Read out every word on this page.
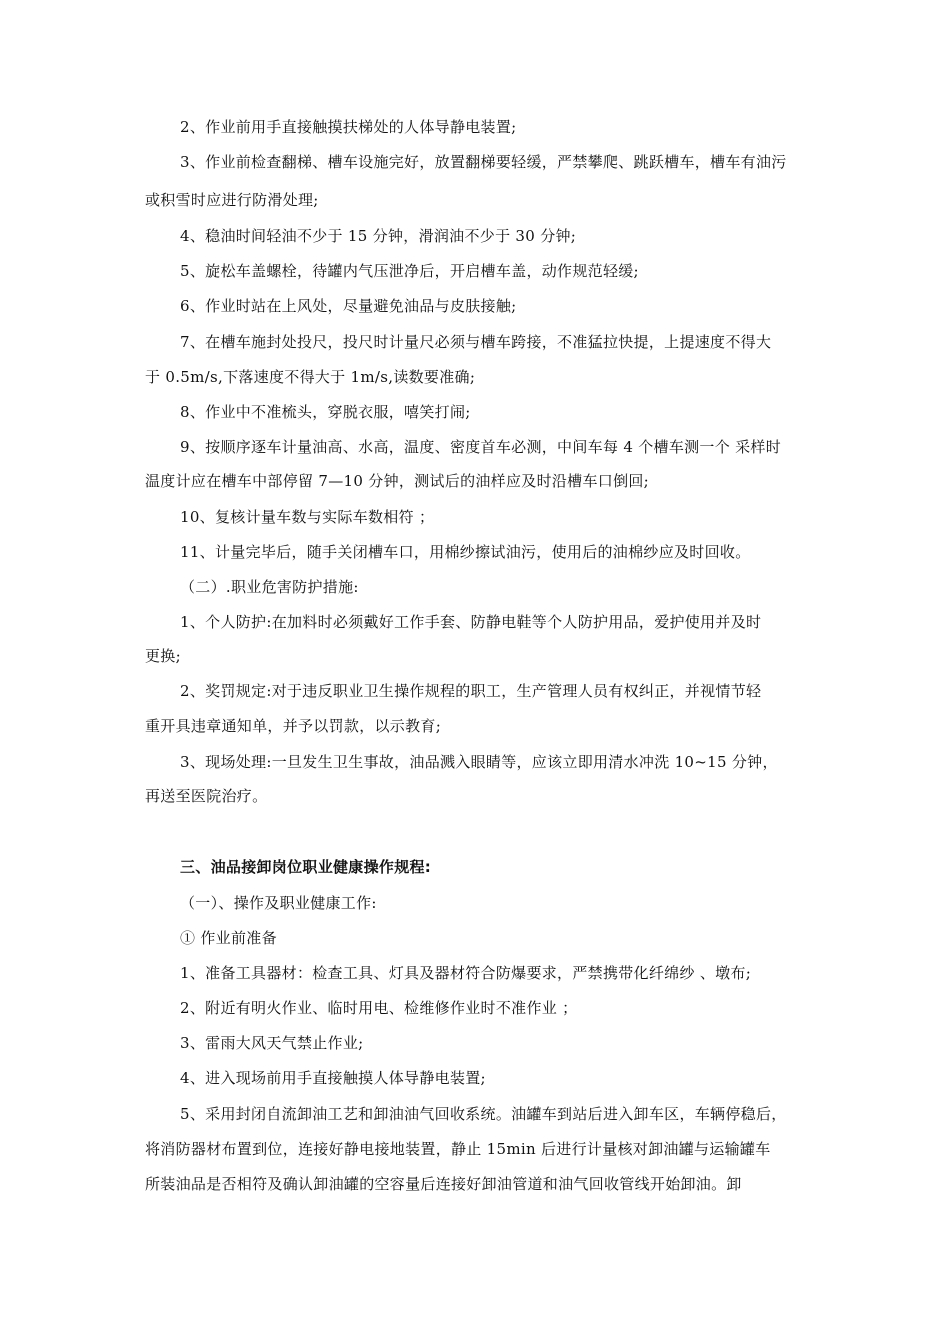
2、作业前用手直接触摸扶梯处的人体导静电装置;
3、作业前检查翻梯、槽车设施完好，放置翻梯要轻缓，严禁攀爬、跳跃槽车，槽车有油污
或积雪时应进行防滑处理;
4、稳油时间轻油不少于 15 分钟，滑润油不少于 30 分钟;
5、旋松车盖螺栓，待罐内气压泄净后，开启槽车盖，动作规范轻缓;
6、作业时站在上风处，尽量避免油品与皮肤接触;
7、在槽车施封处投尺，投尺时计量尺必须与槽车跨接，不准猛拉快提，上提速度不得大
于 0.5m/s,下落速度不得大于 1m/s,读数要准确;
8、作业中不准梳头，穿脱衣服，嘻笑打闹;
9、按顺序逐车计量油高、水高，温度、密度首车必测，中间车每 4 个槽车测一个 采样时
温度计应在槽车中部停留 7—10 分钟，测试后的油样应及时沿槽车口倒回;
10、复核计量车数与实际车数相符 ；
11、计量完毕后，随手关闭槽车口，用棉纱擦试油污，使用后的油棉纱应及时回收。
（二）.职业危害防护措施:
1、个人防护:在加料时必须戴好工作手套、防静电鞋等个人防护用品，爱护使用并及时
更换;
2、奖罚规定:对于违反职业卫生操作规程的职工，生产管理人员有权纠正，并视情节轻
重开具违章通知单，并予以罚款，以示教育;
3、现场处理:一旦发生卫生事故，油品溅入眼睛等，应该立即用清水冲洗 10~15 分钟，
再送至医院治疗。
三、油品接卸岗位职业健康操作规程:
（一）、操作及职业健康工作:
① 作业前准备
1、准备工具器材：检查工具、灯具及器材符合防爆要求，严禁携带化纤绵纱 、墩布;
2、附近有明火作业、临时用电、检维修作业时不准作业 ；
3、雷雨大风天气禁止作业;
4、进入现场前用手直接触摸人体导静电装置;
5、采用封闭自流卸油工艺和卸油油气回收系统。油罐车到站后进入卸车区，车辆停稳后，
将消防器材布置到位，连接好静电接地装置，静止 15min 后进行计量核对卸油罐与运输罐车
所装油品是否相符及确认卸油罐的空容量后连接好卸油管道和油气回收管线开始卸油。卸
